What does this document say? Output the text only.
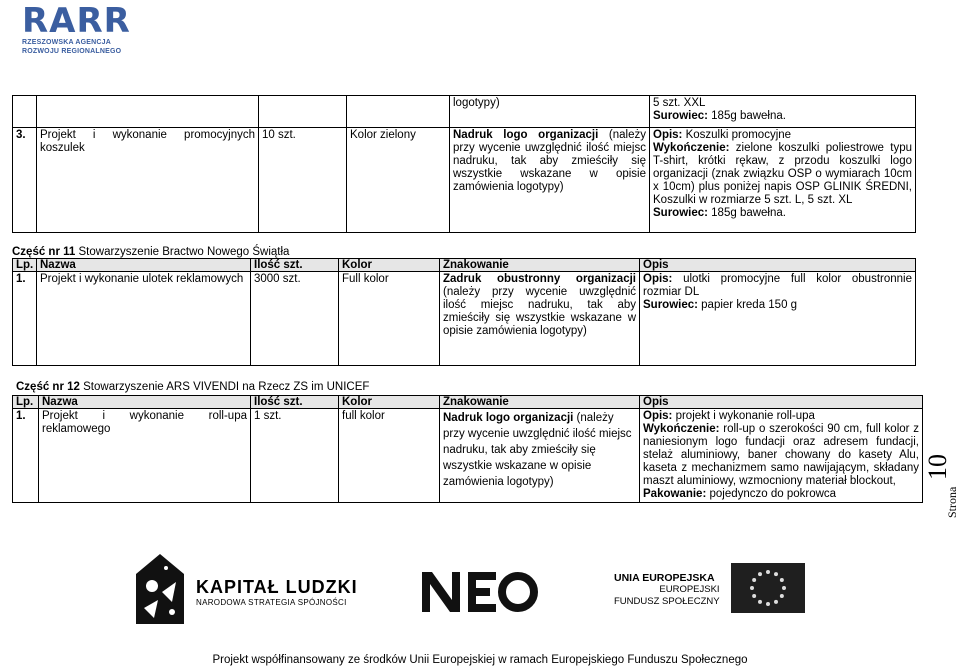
RARR
RZESZOWSKA AGENCJA
ROZWOJU REGIONALNEGO
				logotypy)	5 szt. XXL
Surowiec: 185g bawełna.

3.	Projekt i wykonanie promocyjnych koszulek	10 szt.	Kolor zielony	Nadruk logo organizacji (należy przy wycenie uwzględnić ilość miejsc nadruku, tak aby zmieściły się wszystkie wskazane w opisie zamówienia logotypy)	Opis: Koszulki promocyjne
Wykończenie: zielone koszulki poliestrowe typu T-shirt, krótki rękaw, z przodu koszulki logo organizacji (znak związku OSP o wymiarach 10cm x 10cm) plus poniżej napis OSP GLINIK ŚREDNI, Koszulki w rozmiarze 5 szt. L, 5 szt. XL
Surowiec: 185g bawełna.
Część nr 11 Stowarzyszenie Bractwo Nowego Świątła
Lp.	Nazwa	Ilość szt.	Kolor	Znakowanie	Opis
1.	Projekt i wykonanie ulotek reklamowych	3000 szt.	Full kolor	Zadruk obustronny organizacji (należy przy wycenie uwzględnić ilość miejsc nadruku, tak aby zmieściły się wszystkie wskazane w opisie zamówienia logotypy)	Opis: ulotki promocyjne full kolor obustronnie rozmiar DL
Surowiec: papier kreda 150 g
Część nr 12 Stowarzyszenie ARS VIVENDI na Rzecz ZS im UNICEF
Lp.	Nazwa	Ilość szt.	Kolor	Znakowanie	Opis
1.	Projekt i wykonanie roll-upa reklamowego	1 szt.	full kolor	Nadruk logo organizacji (należy przy wycenie uwzględnić ilość miejsc nadruku, tak aby zmieściły się wszystkie wskazane w opisie zamówienia logotypy)	Opis: projekt i wykonanie roll-upa
Wykończenie: roll-up o szerokości 90 cm, full kolor z naniesionym logo fundacji oraz adresem fundacji, stelaż aluminiowy, baner chowany do kasety Alu, kaseta z mechanizmem samo nawijającym, składany maszt aluminiowy, wzmocniony materiał blockout,
Pakowanie: pojedynczo do pokrowca
10
Strona
KAPITAŁ LUDZKI
NARODOWA STRATEGIA SPÓJNOŚCI
UNIA EUROPEJSKA
EUROPEJSKI
FUNDUSZ SPOŁECZNY
Projekt współfinansowany ze środków Unii Europejskiej w ramach Europejskiego Funduszu Społecznego
